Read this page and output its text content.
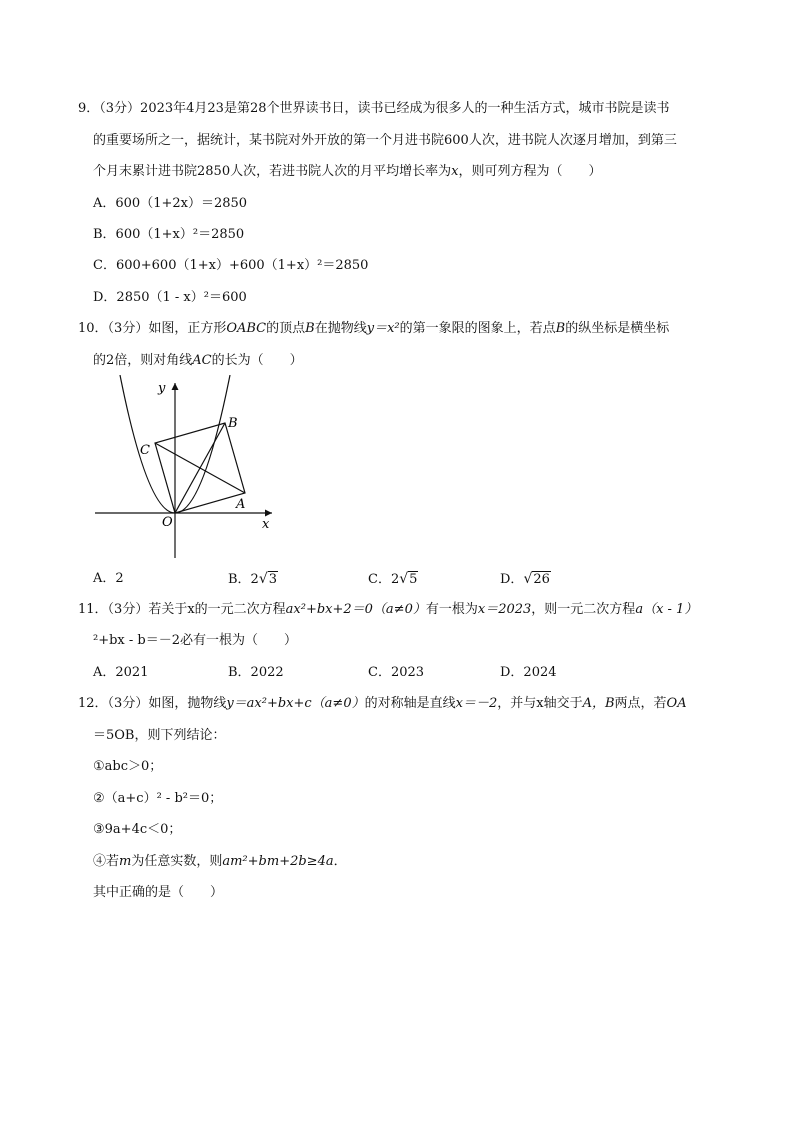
9．（3分）2023年4月23是第28个世界读书日，读书已经成为很多人的一种生活方式，城市书院是读书
的重要场所之一，据统计，某书院对外开放的第一个月进书院600人次，进书院人次逐月增加，到第三
个月末累计进书院2850人次，若进书院人次的月平均增长率为x，则可列方程为（　　）
A．600（1+2x）＝2850
B．600（1+x）²＝2850
C．600+600（1+x）+600（1+x）²＝2850
D．2850（1 - x）²＝600
10．（3分）如图，正方形OABC的顶点B在抛物线y＝x²的第一象限的图象上，若点B的纵坐标是横坐标
的2倍，则对角线AC的长为（　　）
y
x
O
A
B
C
A．2	B．2√3	C．2√5	D．√26
11．（3分）若关于x的一元二次方程ax²+bx+2＝0（a≠0）有一根为x＝2023，则一元二次方程a（x - 1）
²+bx - b＝－2必有一根为（　　）
A．2021	B．2022	C．2023	D．2024
12．（3分）如图，抛物线y＝ax²+bx+c（a≠0）的对称轴是直线x＝－2，并与x轴交于A，B两点，若OA
＝5OB，则下列结论：
①abc＞0；
②（a+c）² - b²＝0；
③9a+4c＜0；
④若m为任意实数，则am²+bm+2b≥4a．
其中正确的是（　　）
